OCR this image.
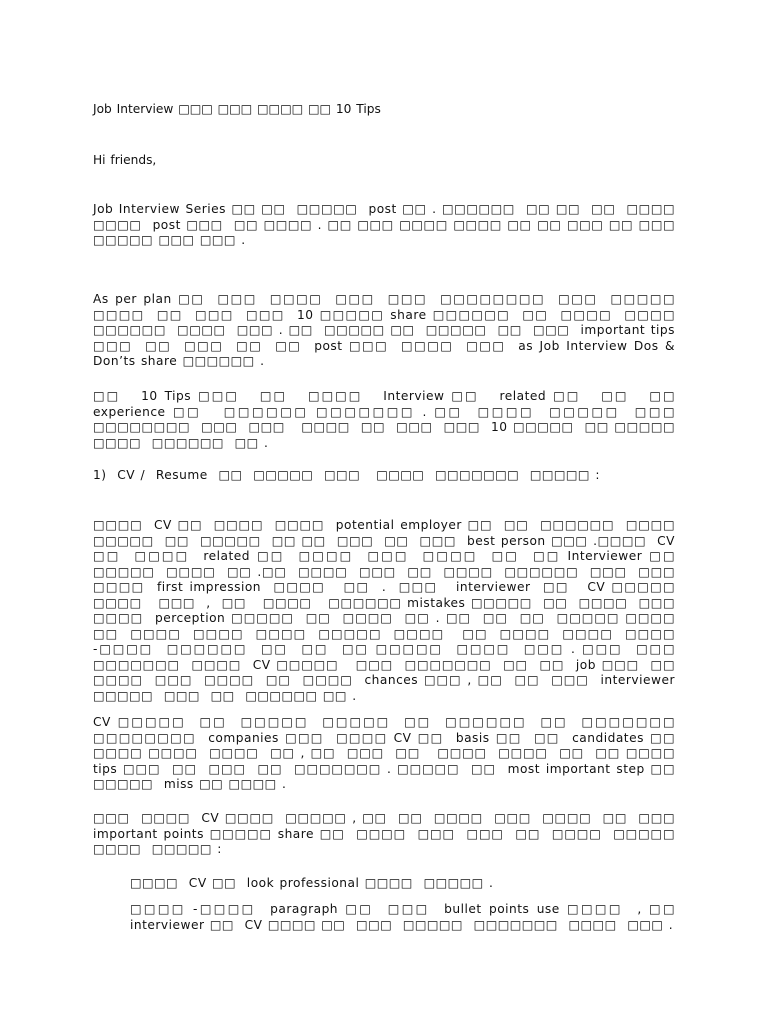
Job Interview □□□ □□□ □□□□ □□ 10 Tips
Hi friends,
Job Interview Series □□ □□  □□□□□  post □□ . □□□□□□  □□ □□  □□  □□□□  □□□□  post □□□  □□ □□□□ . □□ □□□ □□□□ □□□□ □□ □□ □□□ □□ □□□ □□□□□ □□□ □□□ .
As per plan □□  □□□  □□□□  □□□  □□□  □□□□□□□□  □□□  □□□□□  □□□□  □□  □□□  □□□  10 □□□□□ share □□□□□□  □□  □□□□  □□□□  □□□□□□  □□□□  □□□ . □□  □□□□□ □□  □□□□□  □□  □□□  important tips □□□  □□  □□□  □□  □□  post □□□  □□□□  □□□  as Job Interview Dos & Don’ts share □□□□□□ .
□□   10 Tips □□□   □□   □□□□   Interview □□   related □□   □□   □□   experience □□   □□□□□□ □□□□□□□ . □□  □□□□  □□□□□  □□□  □□□□□□□□  □□□  □□□   □□□□  □□  □□□  □□□  10 □□□□□  □□ □□□□□  □□□□  □□□□□□  □□ .
1)  CV /  Resume  □□  □□□□□  □□□   □□□□  □□□□□□□  □□□□□ :
□□□□  CV □□  □□□□  □□□□  potential employer □□  □□  □□□□□□  □□□□  □□□□□  □□  □□□□□  □□ □□  □□□  □□  □□□  best person □□□ .□□□□  CV □□  □□□□  related □□  □□□□  □□□  □□□□  □□  □□ Interviewer □□  □□□□□  □□□□  □□ .□□  □□□□  □□□  □□  □□□□  □□□□□□  □□□  □□□  □□□□  first impression  □□□□   □□  .  □□□   interviewer  □□   CV □□□□□   □□□□   □□□  ,  □□   □□□□   □□□□□□ mistakes □□□□□  □□  □□□□  □□□  □□□□  perception □□□□□  □□  □□□□  □□ . □□  □□  □□  □□□□□ □□□□ □□  □□□□  □□□□  □□□□  □□□□□  □□□□   □□  □□□□  □□□□  □□□□ -□□□□  □□□□□□  □□  □□  □□ □□□□□  □□□□  □□□ . □□□  □□□  □□□□□□□  □□□□  CV □□□□□   □□□  □□□□□□□  □□  □□  job □□□  □□ □□□□  □□□  □□□□  □□  □□□□  chances □□□ , □□  □□  □□□  interviewer □□□□□  □□□  □□  □□□□□□ □□ .
CV □□□□□  □□  □□□□□  □□□□□  □□  □□□□□□  □□  □□□□□□□  □□□□□□□□  companies □□□  □□□□ CV □□  basis □□  □□  candidates □□  □□□□ □□□□  □□□□  □□ , □□  □□□  □□   □□□□  □□□□  □□  □□ □□□□  tips □□□  □□  □□□  □□  □□□□□□□ . □□□□□  □□  most important step □□  □□□□□  miss □□ □□□□ .
□□□  □□□□  CV □□□□  □□□□□ , □□  □□  □□□□  □□□  □□□□  □□  □□□  important points □□□□□ share □□  □□□□  □□□  □□□  □□  □□□□  □□□□□  □□□□  □□□□□ :
□□□□  CV □□  look professional □□□□  □□□□□ .
□□□□ -□□□□  paragraph □□  □□□  bullet points use □□□□  , □□   interviewer □□  CV □□□□ □□  □□□  □□□□□  □□□□□□□  □□□□  □□□ .
